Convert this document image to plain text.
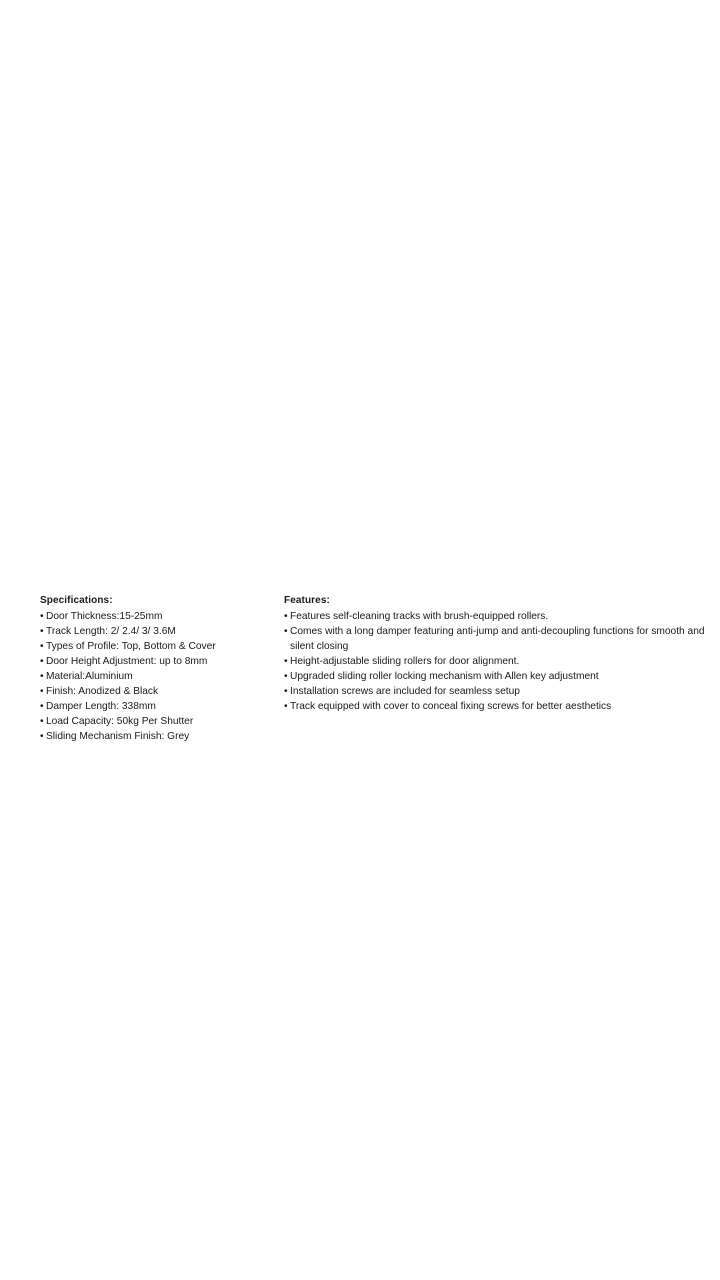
Specifications:
• Door Thickness:15-25mm
• Track Length: 2/ 2.4/ 3/ 3.6M
• Types of Profile: Top, Bottom & Cover
• Door Height Adjustment: up to 8mm
• Material:Aluminium
• Finish: Anodized & Black
• Damper Length: 338mm
• Load Capacity: 50kg Per Shutter
• Sliding Mechanism Finish: Grey
Features:
• Features self-cleaning tracks with brush-equipped rollers.
• Comes with a long damper featuring anti-jump and anti-decoupling functions for smooth and silent closing
• Height-adjustable sliding rollers for door alignment.
• Upgraded sliding roller locking mechanism with Allen key adjustment
• Installation screws are included for seamless setup
• Track equipped with cover to conceal fixing screws for better aesthetics
